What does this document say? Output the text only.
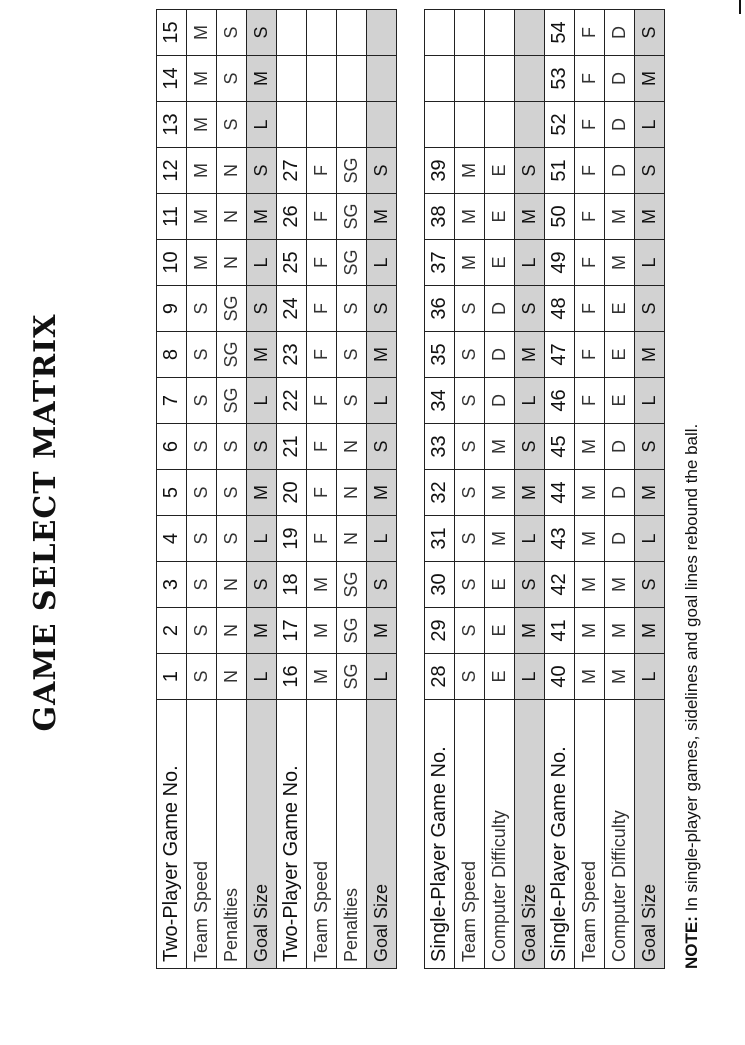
GAME SELECT MATRIX
Two-Player Game No.	1	2	3	4	5	6	7	8	9	10	11	12	13	14	15
Team Speed	S	S	S	S	S	S	S	S	S	M	M	M	M	M	M
Penalties	N	N	N	S	S	S	SG	SG	SG	N	N	N	S	S	S
Goal Size	L	M	S	L	M	S	L	M	S	L	M	S	L	M	S
Two-Player Game No.	16	17	18	19	20	21	22	23	24	25	26	27			
Team Speed	M	M	M	F	F	F	F	F	F	F	F	F			
Penalties	SG	SG	SG	N	N	N	S	S	S	SG	SG	SG			
Goal Size	L	M	S	L	M	S	L	M	S	L	M	S			
Single-Player Game No.	28	29	30	31	32	33	34	35	36	37	38	39			
Team Speed	S	S	S	S	S	S	S	S	S	M	M	M			
Computer Difficulty	E	E	E	M	M	M	D	D	D	E	E	E			
Goal Size	L	M	S	L	M	S	L	M	S	L	M	S			
Single-Player Game No.	40	41	42	43	44	45	46	47	48	49	50	51	52	53	54
Team Speed	M	M	M	M	M	M	F	F	F	F	F	F	F	F	F
Computer Difficulty	M	M	M	D	D	D	E	E	E	M	M	D	D	D	D
Goal Size	L	M	S	L	M	S	L	M	S	L	M	S	L	M	S
NOTE: In single-player games, sidelines and goal lines rebound the ball.
